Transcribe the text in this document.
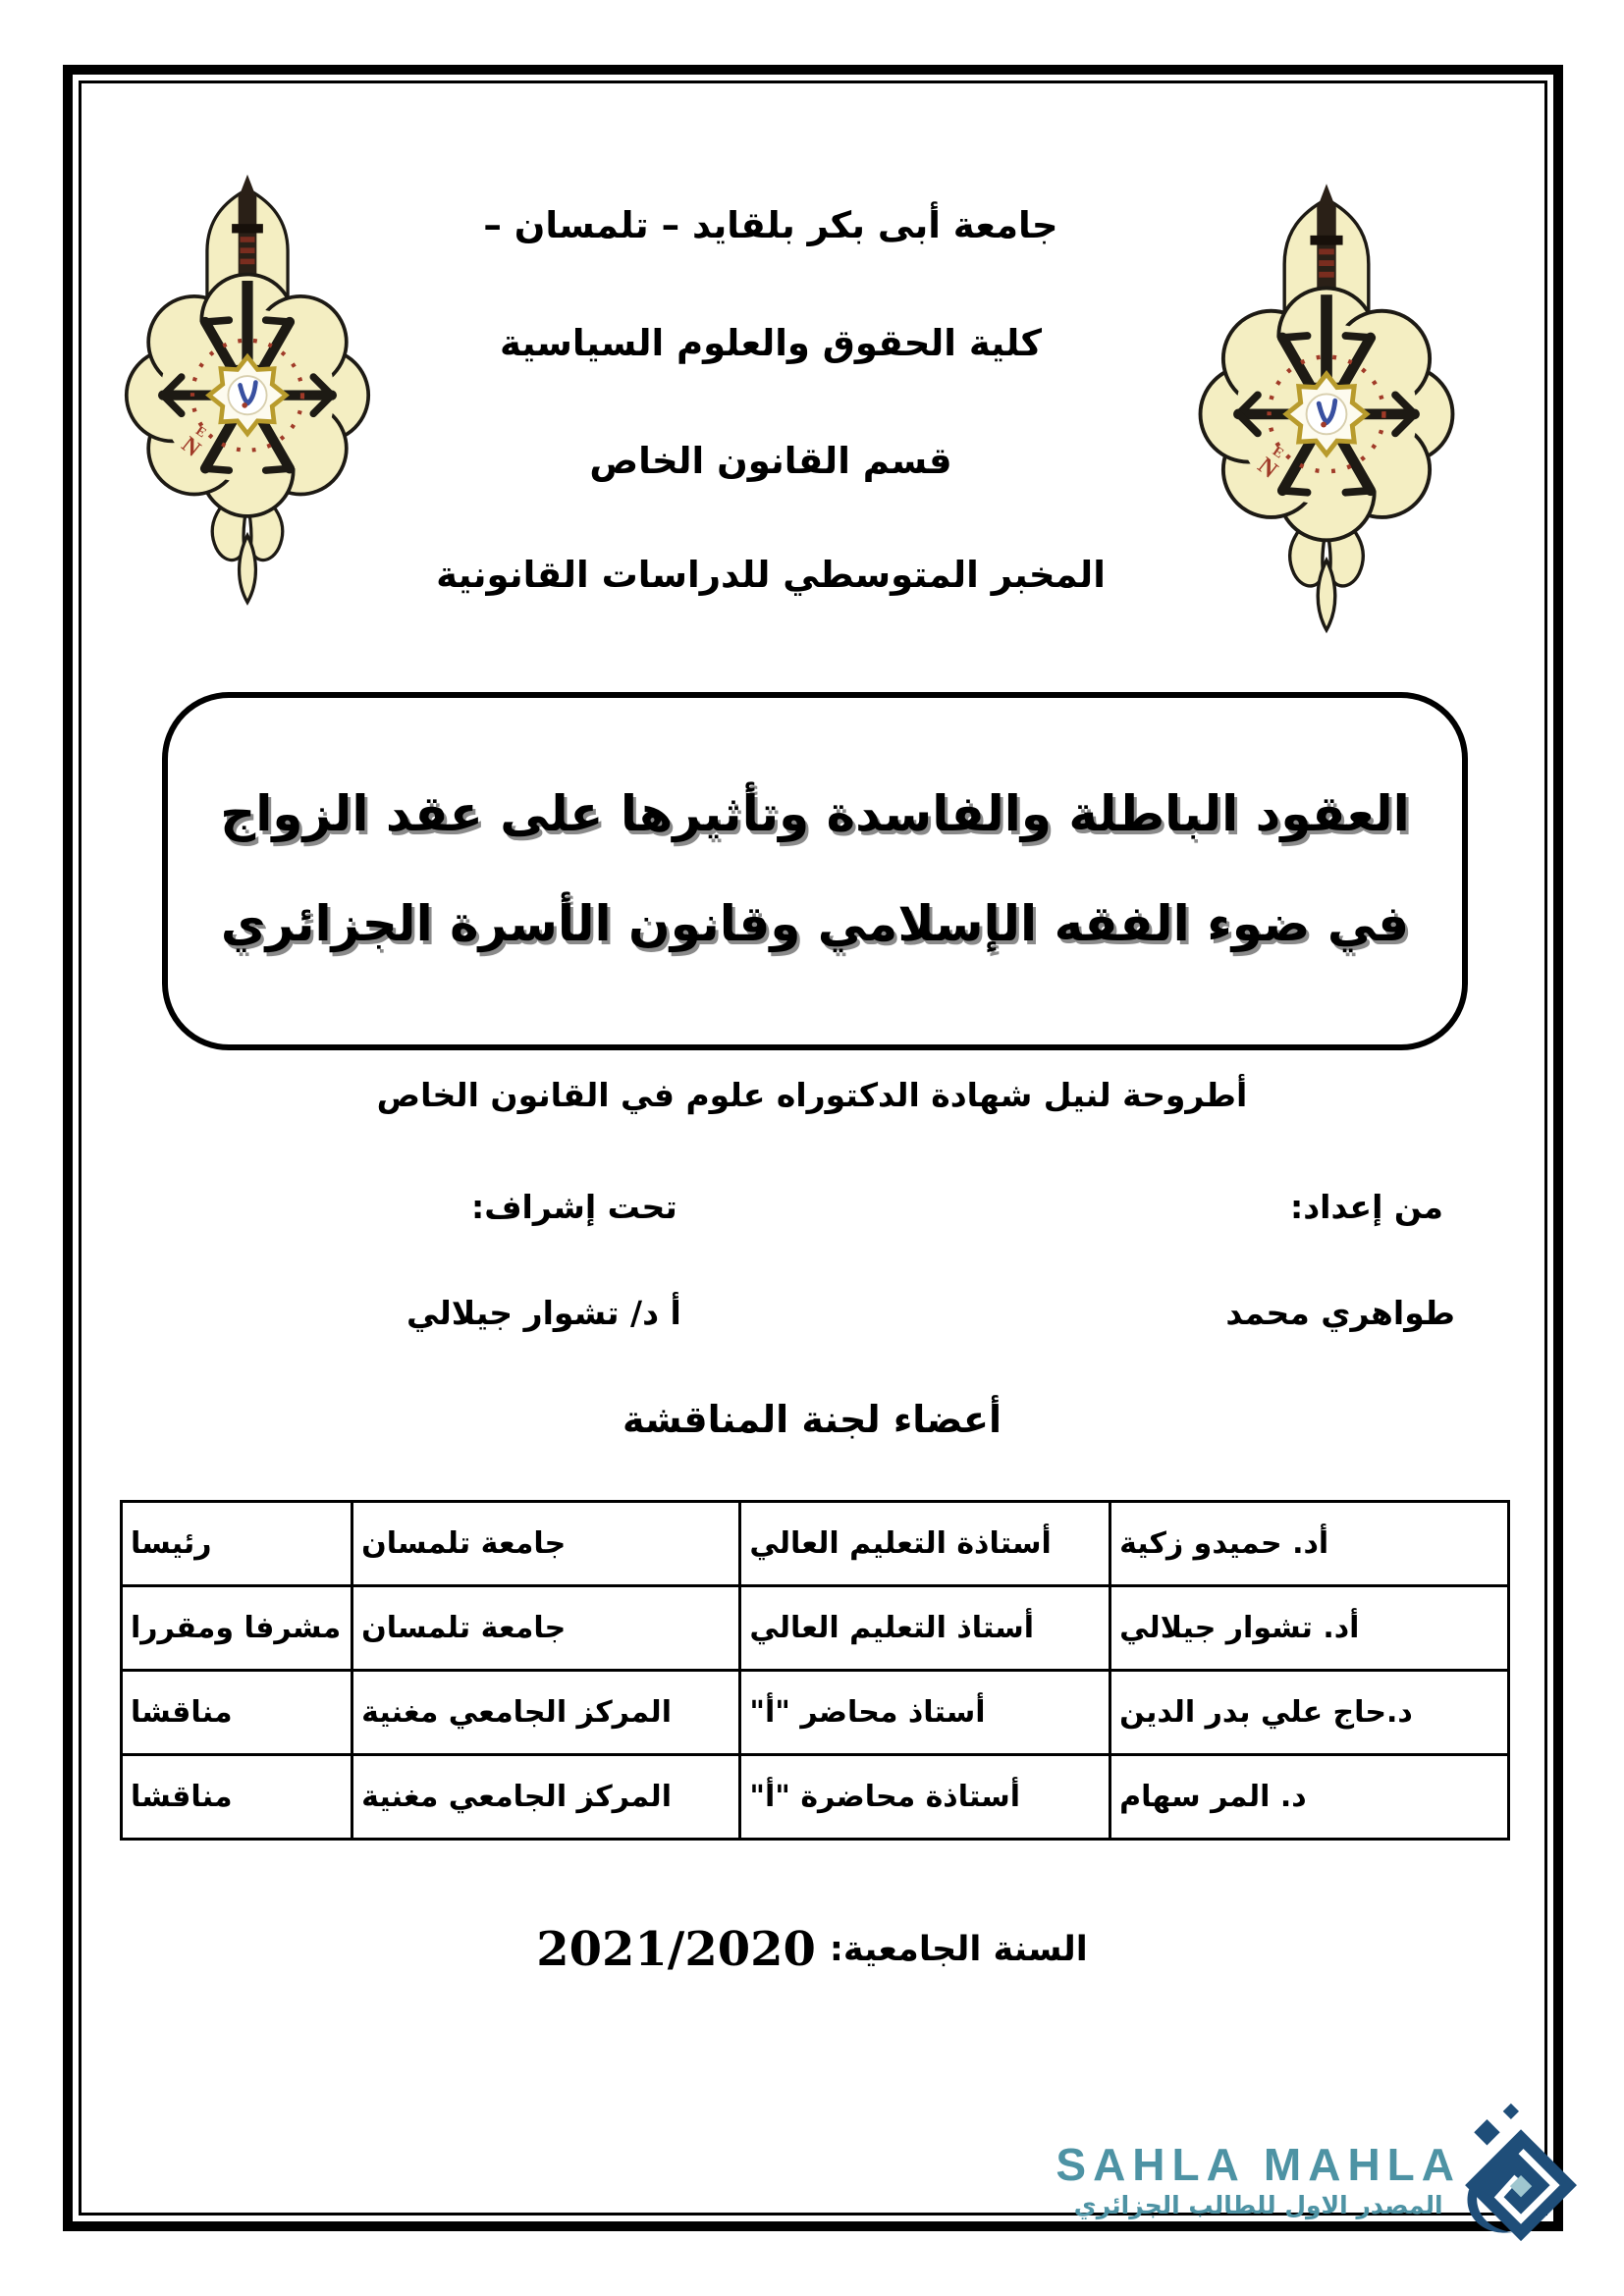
جامعة أبى بكر بلقايد – تلمسان –
كلية الحقوق والعلوم السياسية
قسم القانون الخاص
المخبر المتوسطي للدراسات القانونية
العقود الباطلة والفاسدة وتأثيرها على عقد الزواج
في ضوء الفقه الإسلامي وقانون الأسرة الجزائري
أطروحة لنيل شهادة الدكتوراه علوم في القانون الخاص
من إعداد:
تحت إشراف:
طواهري محمد
أ د/ تشوار جيلالي
أعضاء لجنة المناقشة
أد. حميدو زكية	أستاذة التعليم العالي	جامعة تلمسان	رئيسا
أد. تشوار جيلالي	أستاذ التعليم العالي	جامعة تلمسان	مشرفا ومقررا
د.حاج علي بدر الدين	أستاذ محاضر "أ"	المركز الجامعي مغنية	مناقشا
د. المر سهام	أستاذة محاضرة "أ"	المركز الجامعي مغنية	مناقشا
السنة الجامعية:
2021/2020
SAHLA MAHLA
المصدر الاول للطالب الجزائري
